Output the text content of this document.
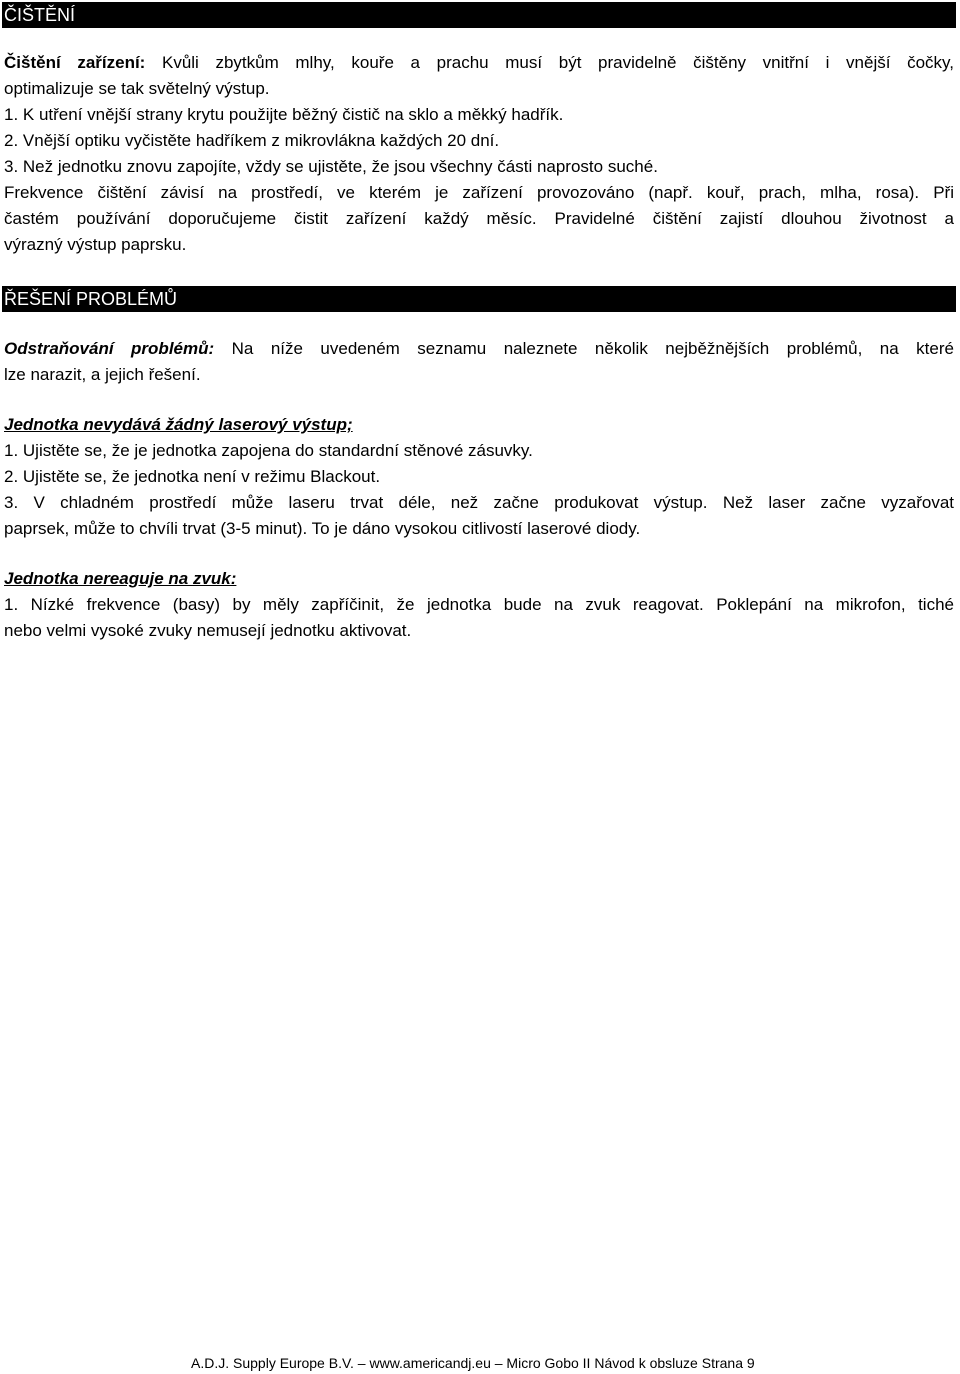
ČIŠTĚNÍ
Čištění zařízení: Kvůli zbytkům mlhy, kouře a prachu musí být pravidelně čištěny vnitřní i vnější čočky,
optimalizuje se tak světelný výstup.
1. K utření vnější strany krytu použijte běžný čistič na sklo a měkký hadřík.
2. Vnější optiku vyčistěte hadříkem z mikrovlákna každých 20 dní.
3. Než jednotku znovu zapojíte, vždy se ujistěte, že jsou všechny části naprosto suché.
Frekvence čištění závisí na prostředí, ve kterém je zařízení provozováno (např. kouř, prach, mlha, rosa). Při
častém používání doporučujeme čistit zařízení každý měsíc. Pravidelné čištění zajistí dlouhou životnost a
výrazný výstup paprsku.
ŘEŠENÍ PROBLÉMŮ
Odstraňování problémů: Na níže uvedeném seznamu naleznete několik nejběžnějších problémů, na které
lze narazit, a jejich řešení.
Jednotka nevydává žádný laserový výstup;
1. Ujistěte se, že je jednotka zapojena do standardní stěnové zásuvky.
2. Ujistěte se, že jednotka není v režimu Blackout.
3. V chladném prostředí může laseru trvat déle, než začne produkovat výstup. Než laser začne vyzařovat
paprsek, může to chvíli trvat (3-5 minut). To je dáno vysokou citlivostí laserové diody.
Jednotka nereaguje na zvuk:
1. Nízké frekvence (basy) by měly zapříčinit, že jednotka bude na zvuk reagovat. Poklepání na mikrofon, tiché
nebo velmi vysoké zvuky nemusejí jednotku aktivovat.
A.D.J. Supply Europe B.V. – www.americandj.eu – Micro Gobo II Návod k obsluze Strana 9
